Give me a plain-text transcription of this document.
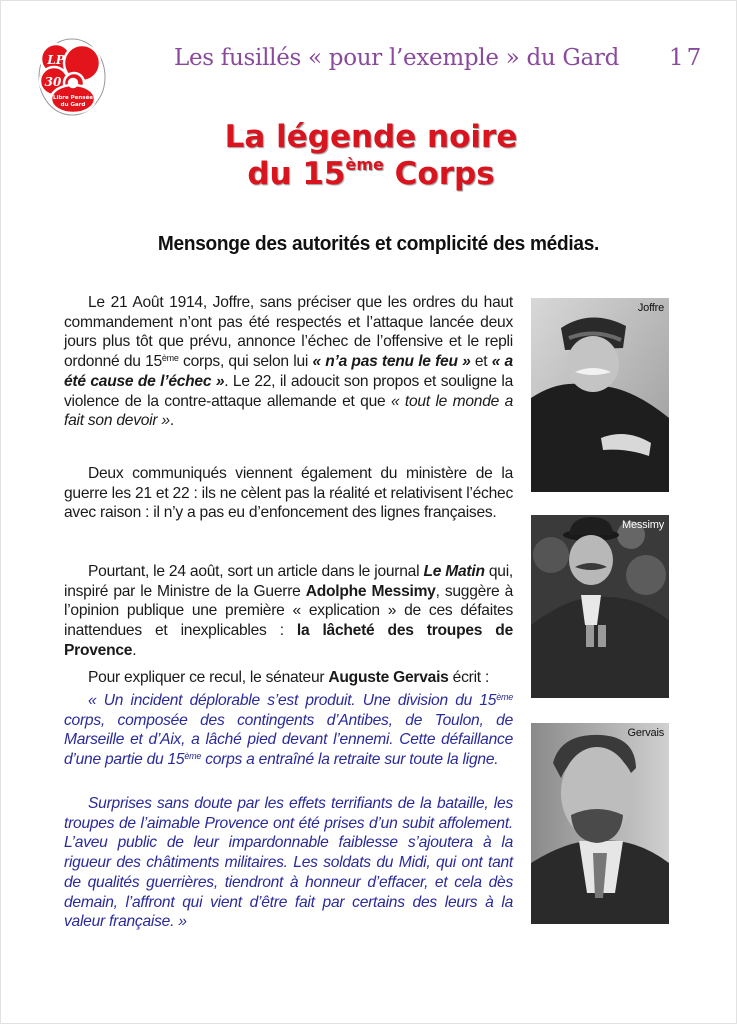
LP
30
Libre Pensée
du Gard
Les fusillés « pour l’exemple » du Gard 17
La légende noire
du 15ème Corps
Mensonge des autorités et complicité des médias.

Le 21 Août 1914, Joffre, sans préciser que les ordres du haut commandement n’ont pas été respectés et l’attaque lancée deux jours plus tôt que prévu, annonce l’échec de l’offensive et le repli ordonné du 15ème corps, qui selon lui « n’a pas tenu le feu » et « a été cause de l’échec ». Le 22, il adoucit son propos et souligne la violence de la contre-attaque allemande et que « tout le monde a fait son devoir ».

Deux communiqués viennent également du ministère de la guerre les 21 et 22 : ils ne cèlent pas la réalité et relativisent l’échec avec raison : il n’y a pas eu d’enfoncement des lignes françaises.

Pourtant, le 24 août, sort un article dans le journal Le Matin qui, inspiré par le Ministre de la Guerre Adolphe Messimy, suggère à l’opinion publique une première « explication » de ces défaites inattendues et inexplicables : la lâcheté des troupes de Provence.

Pour expliquer ce recul, le sénateur Auguste Gervais écrit :

« Un incident déplorable s’est produit. Une division du 15ème corps, composée des contingents d’Antibes, de Toulon, de Marseille et d’Aix, a lâché pied devant l’ennemi. Cette défaillance d’une partie du 15ème corps a entraîné la retraite sur toute la ligne.

Surprises sans doute par les effets terrifiants de la bataille, les troupes de l’aimable Provence ont été prises d’un subit affolement. L’aveu public de leur impardonnable faiblesse s’ajoutera à la rigueur des châtiments militaires. Les soldats du Midi, qui ont tant de qualités guerrières, tiendront à honneur d’effacer, et cela dès demain, l’affront qui vient d’être fait par certains des leurs à la valeur française. »

Joffre
Messimy
Gervais
